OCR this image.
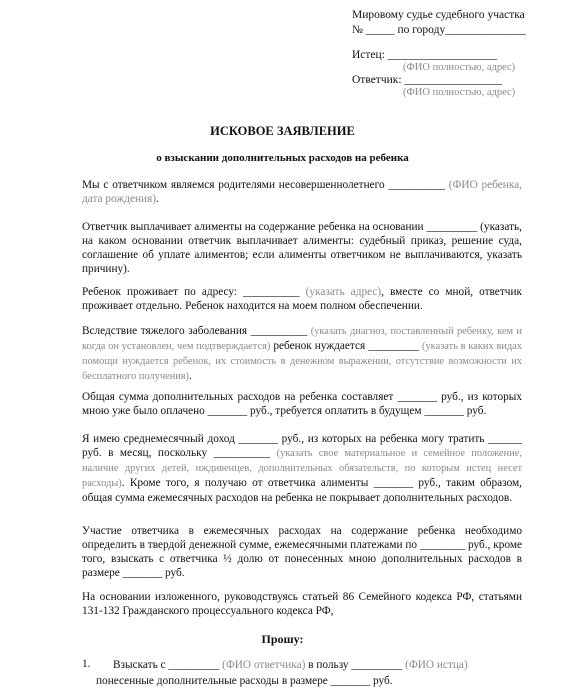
Мировому судье судебного участка
№ _____ по городу______________
Истец: ___________________
(ФИО полностью, адрес)
Ответчик: _________________
(ФИО полностью, адрес)
ИСКОВОЕ ЗАЯВЛЕНИЕ
о взыскании дополнительных расходов на ребенка
Мы с ответчиком являемся родителями несовершеннолетнего __________ (ФИО ребенка, дата рождения).
Ответчик выплачивает алименты на содержание ребенка на основании _________ (указать, на каком основании ответчик выплачивает алименты: судебный приказ, решение суда, соглашение об уплате алиментов; если алименты ответчиком не выплачиваются, указать причину).
Ребенок проживает по адресу: __________ (указать адрес), вместе со мной, ответчик проживает отдельно. Ребенок находится на моем полном обеспечении.
Вследствие тяжелого заболевания __________ (указать диагноз, поставленный ребенку, кем и когда он установлен, чем подтверждается) ребенок нуждается _________ (указать в каких видах помощи нуждается ребенок, их стоимость в денежном выражении, отсутствие возможности их бесплатного получения).
Общая сумма дополнительных расходов на ребенка составляет _______ руб., из которых мною уже было оплачено _______ руб., требуется оплатить в будущем _______ руб.
Я имею среднемесячный доход _______ руб., из которых на ребенка могу тратить ______ руб. в месяц, поскольку __________ (указать свое материальное и семейное положение, наличие других детей, иждивенцев, дополнительных обязательств, по которым истец несет расходы). Кроме того, я получаю от ответчика алименты _______ руб., таким образом, общая сумма ежемесячных расходов на ребенка не покрывает дополнительных расходов.
Участие ответчика в ежемесячных расходах на содержание ребенка необходимо определить в твердой денежной сумме, ежемесячными платежами по ________ руб., кроме того, взыскать с ответчика ½ долю от понесенных мною дополнительных расходов в размере _______ руб.
На основании изложенного, руководствуясь статьей 86 Семейного кодекса РФ, статьями 131-132 Гражданского процессуального кодекса РФ,
Прошу:
1. Взыскать с _________ (ФИО ответчика) в пользу _________ (ФИО истца)
понесенные дополнительные расходы в размере _______ руб.
